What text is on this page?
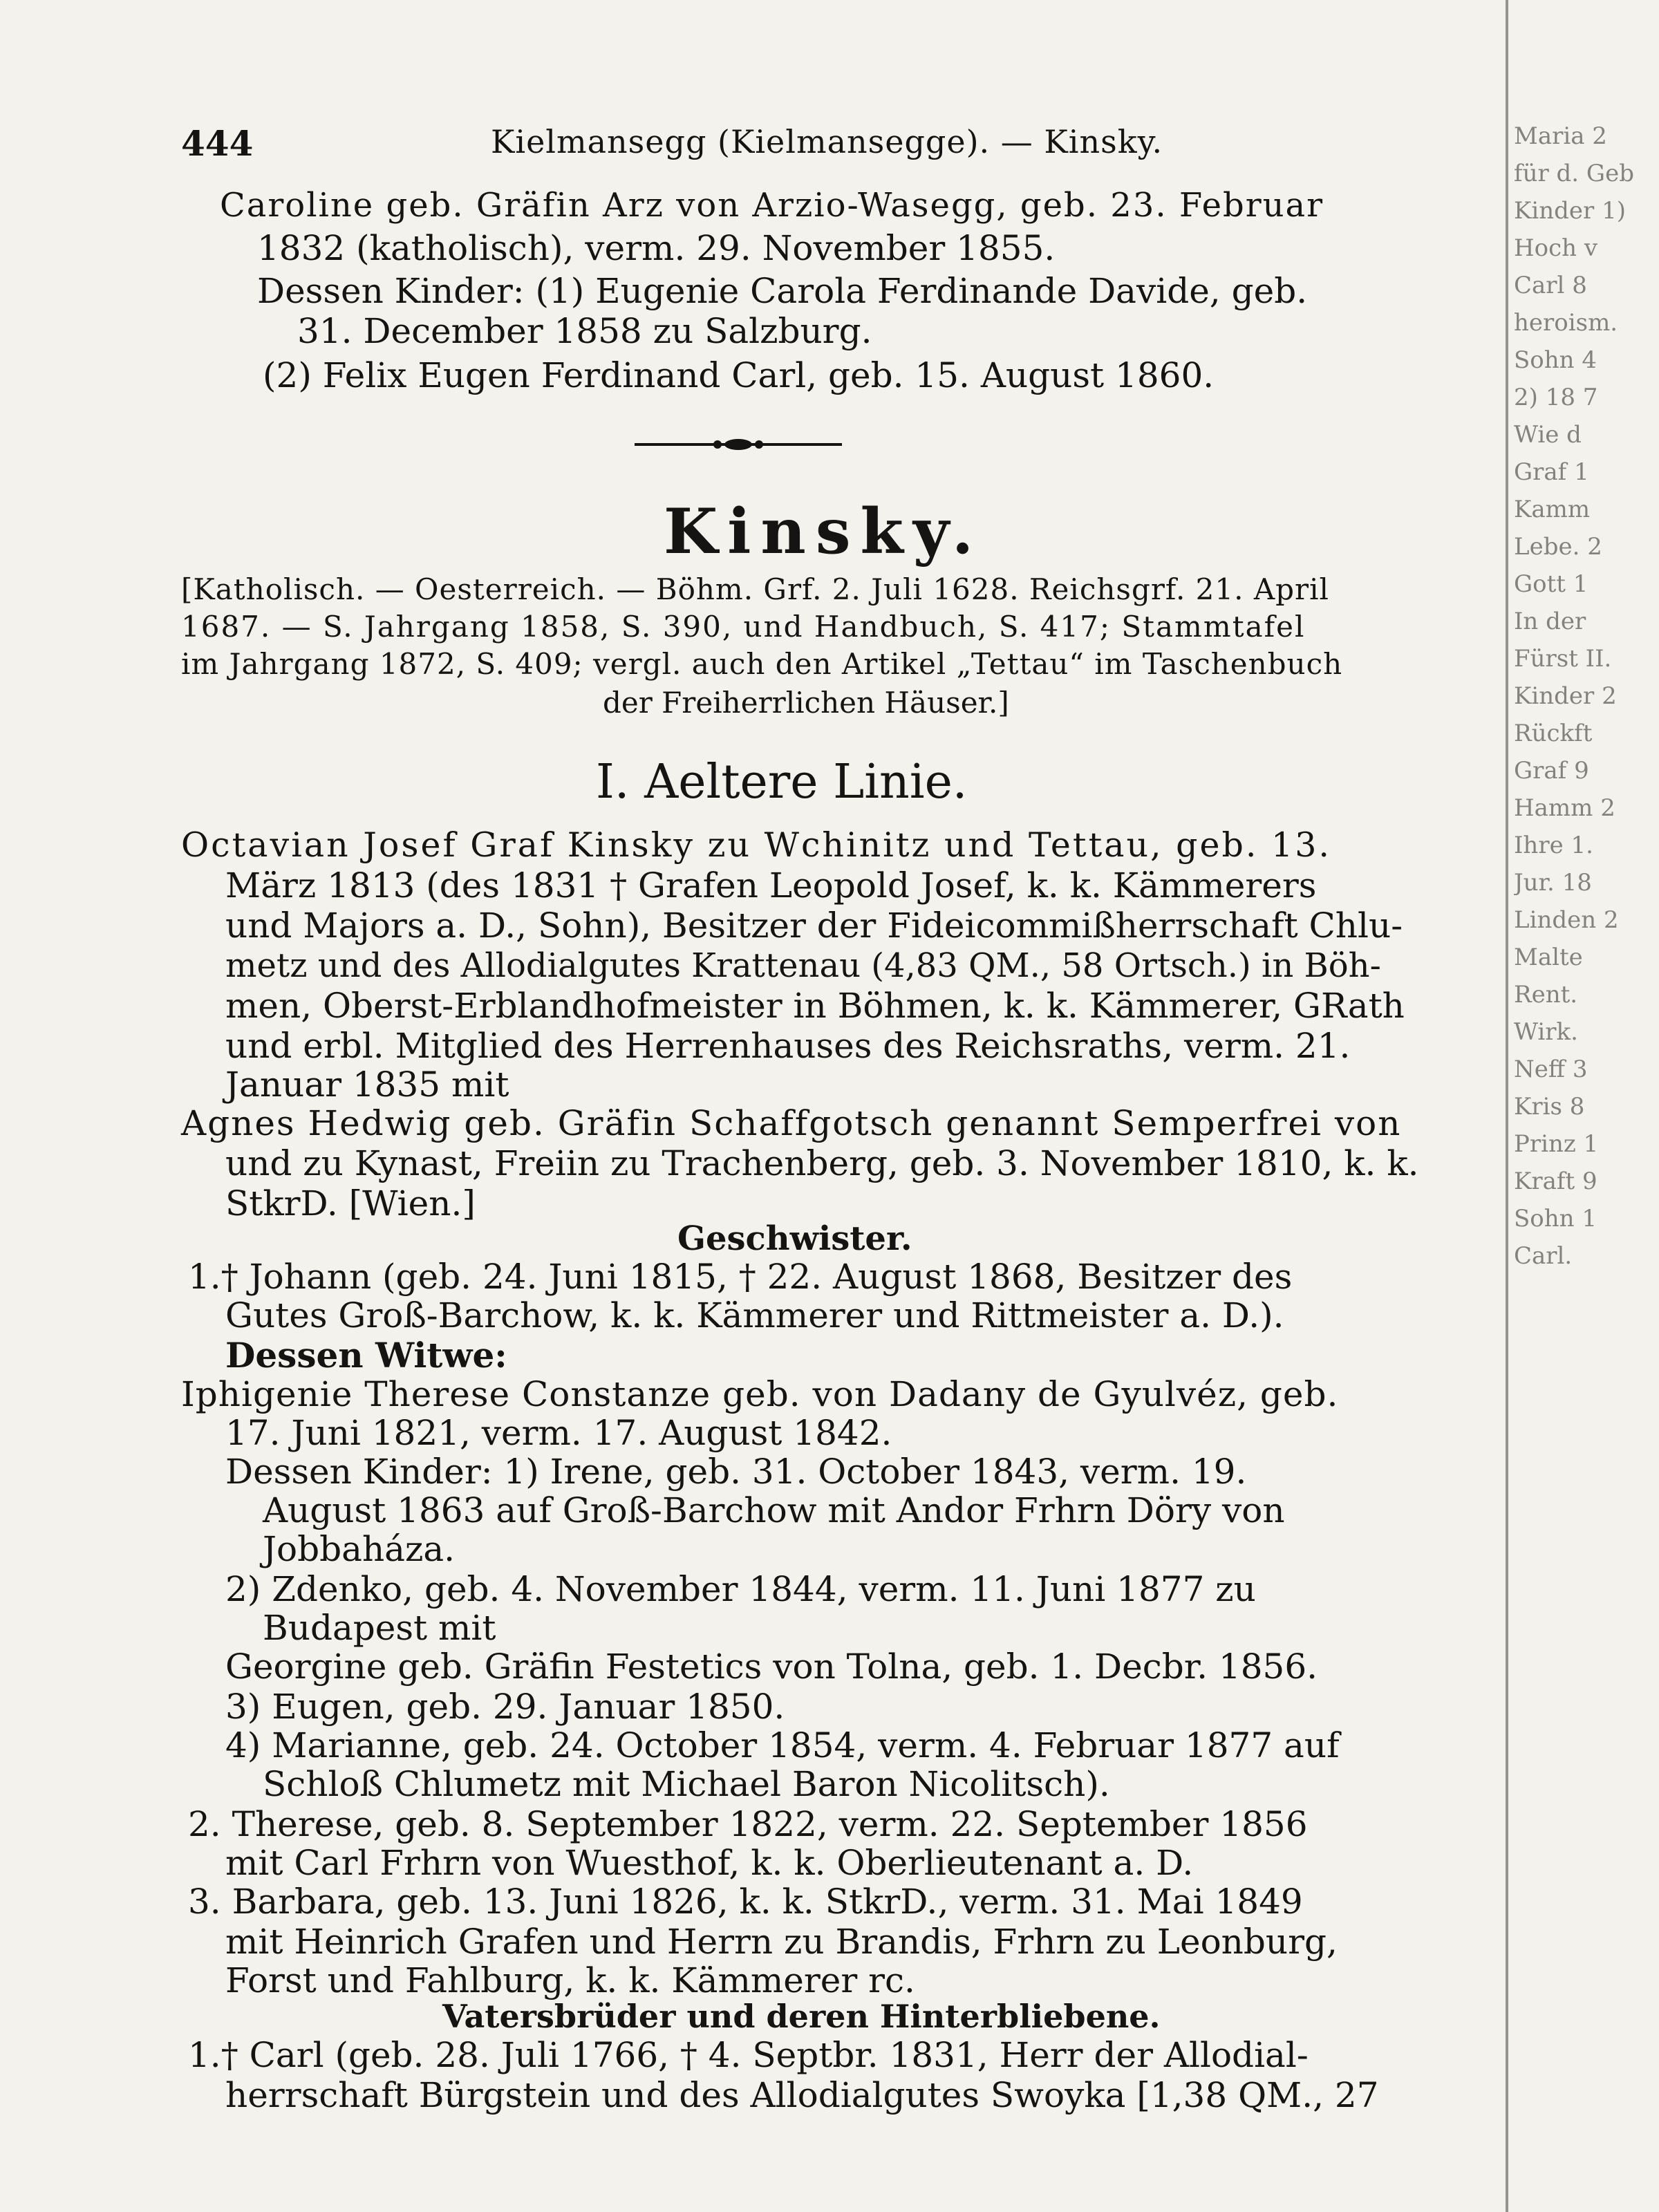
444	Kielmansegg (Kielmansegge). — Kinsky.
Caroline geb. Gräfin Arz von Arzio-Wasegg, geb. 23. Februar
1832 (katholisch), verm. 29. November 1855.
Dessen Kinder: (1) Eugenie Carola Ferdinande Davide, geb.
31. December 1858 zu Salzburg.
(2) Felix Eugen Ferdinand Carl, geb. 15. August 1860.
Kinsky.
[Katholisch. — Oesterreich. — Böhm. Grf. 2. Juli 1628. Reichsgrf. 21. April
1687. — S. Jahrgang 1858, S. 390, und Handbuch, S. 417; Stammtafel
im Jahrgang 1872, S. 409; vergl. auch den Artikel „Tettau“ im Taschenbuch
der Freiherrlichen Häuser.]
I. Aeltere Linie.
Octavian Josef Graf Kinsky zu Wchinitz und Tettau, geb. 13.
März 1813 (des 1831 † Grafen Leopold Josef, k. k. Kämmerers
und Majors a. D., Sohn), Besitzer der Fideicommißherrschaft Chlu-
metz und des Allodialgutes Krattenau (4,83 QM., 58 Ortsch.) in Böh-
men, Oberst-Erblandhofmeister in Böhmen, k. k. Kämmerer, GRath
und erbl. Mitglied des Herrenhauses des Reichsraths, verm. 21.
Januar 1835 mit
Agnes Hedwig geb. Gräfin Schaffgotsch genannt Semperfrei von
und zu Kynast, Freiin zu Trachenberg, geb. 3. November 1810, k. k.
StkrD. [Wien.]
Geschwister.
1.† Johann (geb. 24. Juni 1815, † 22. August 1868, Besitzer des
Gutes Groß-Barchow, k. k. Kämmerer und Rittmeister a. D.).
Dessen Witwe:
Iphigenie Therese Constanze geb. von Dadany de Gyulvéz, geb.
17. Juni 1821, verm. 17. August 1842.
Dessen Kinder: 1) Irene, geb. 31. October 1843, verm. 19.
August 1863 auf Groß-Barchow mit Andor Frhrn Döry von
Jobbaháza.
2) Zdenko, geb. 4. November 1844, verm. 11. Juni 1877 zu
Budapest mit
Georgine geb. Gräfin Festetics von Tolna, geb. 1. Decbr. 1856.
3) Eugen, geb. 29. Januar 1850.
4) Marianne, geb. 24. October 1854, verm. 4. Februar 1877 auf
Schloß Chlumetz mit Michael Baron Nicolitsch).
2. Therese, geb. 8. September 1822, verm. 22. September 1856
mit Carl Frhrn von Wuesthof, k. k. Oberlieutenant a. D.
3. Barbara, geb. 13. Juni 1826, k. k. StkrD., verm. 31. Mai 1849
mit Heinrich Grafen und Herrn zu Brandis, Frhrn zu Leonburg,
Forst und Fahlburg, k. k. Kämmerer rc.
Vatersbrüder und deren Hinterbliebene.
1.† Carl (geb. 28. Juli 1766, † 4. Septbr. 1831, Herr der Allodial-
herrschaft Bürgstein und des Allodialgutes Swoyka [1,38 QM., 27
Maria 2
für d. Geb
Kinder 1)
Hoch v
Carl 8
heroism.
Sohn 4
2) 18 7
Wie d
Graf 1
Kamm
Lebe. 2
Gott 1
In der
Fürst II.
Kinder 2
Rückft
Graf 9
Hamm 2
Ihre 1.
Jur. 18
Linden 2
Malte
Rent.
Wirk.
Neff 3
Kris 8
Prinz 1
Kraft 9
Sohn 1
Carl.
